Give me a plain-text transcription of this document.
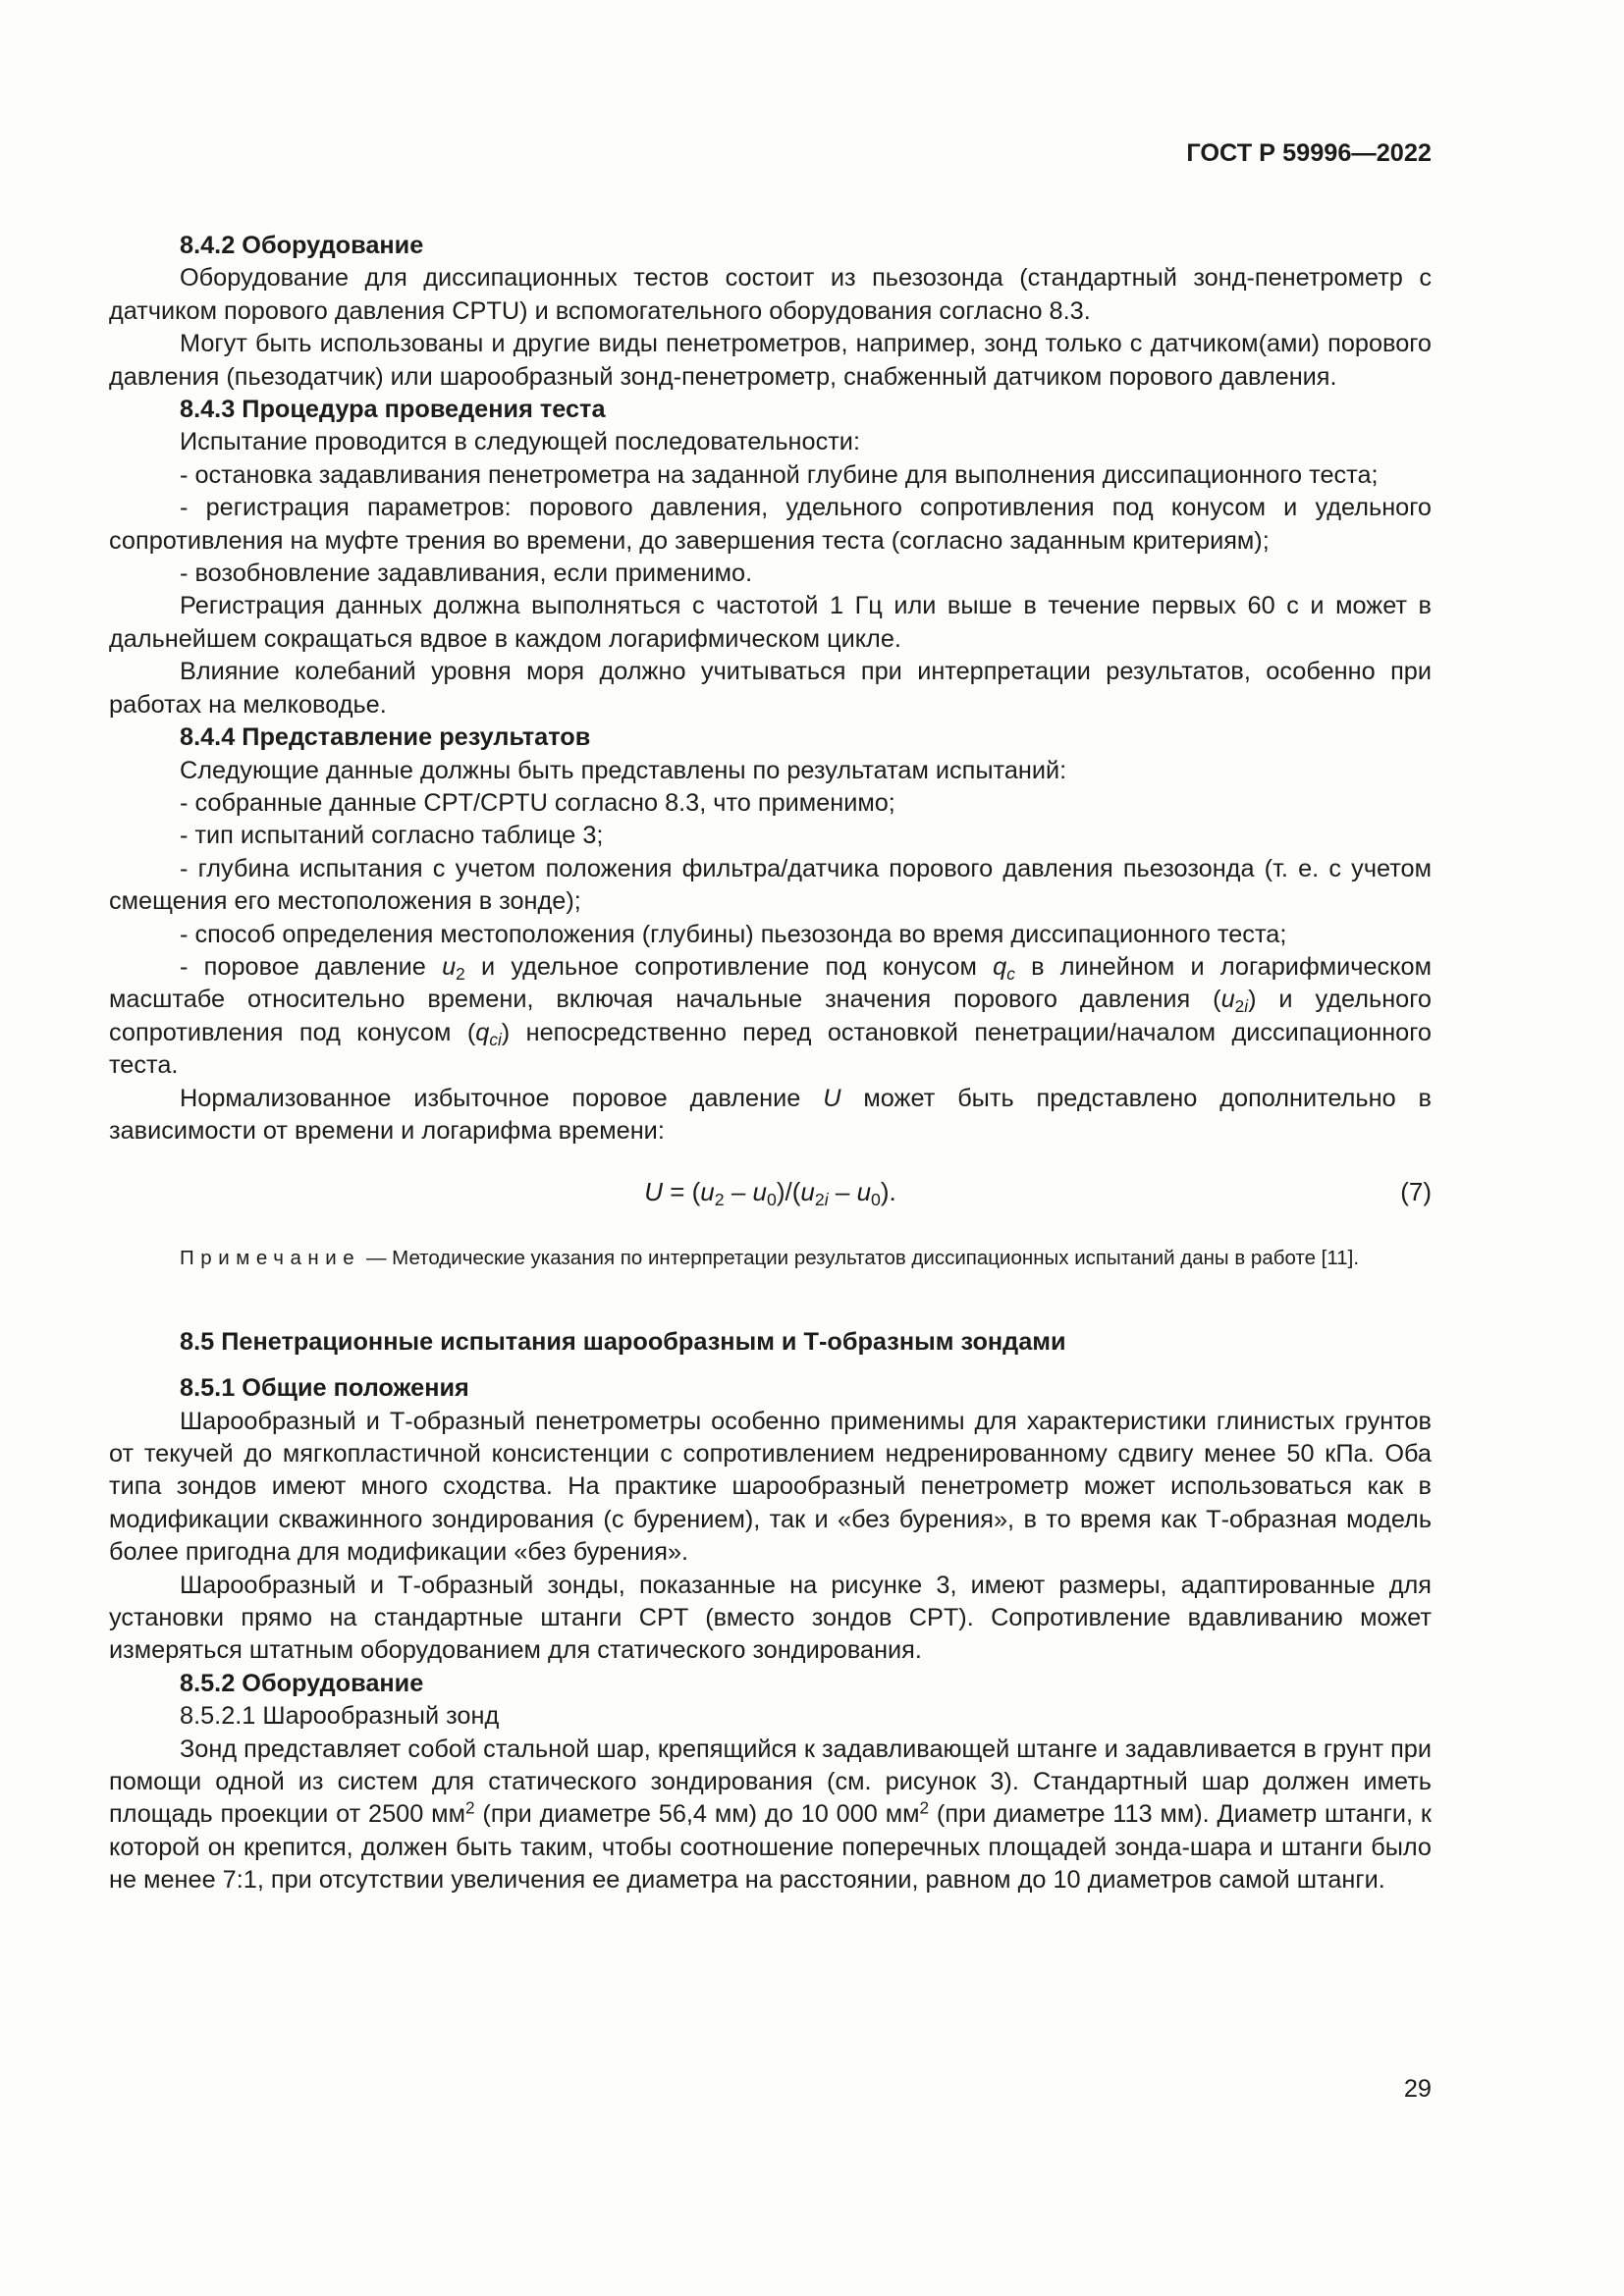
ГОСТ Р 59996—2022
8.4.2 Оборудование
Оборудование для диссипационных тестов состоит из пьезозонда (стандартный зонд-пенетрометр с датчиком порового давления CPTU) и вспомогательного оборудования согласно 8.3.
Могут быть использованы и другие виды пенетрометров, например, зонд только с датчиком(ами) порового давления (пьезодатчик) или шарообразный зонд-пенетрометр, снабженный датчиком порового давления.
8.4.3 Процедура проведения теста
Испытание проводится в следующей последовательности:
- остановка задавливания пенетрометра на заданной глубине для выполнения диссипационного теста;
- регистрация параметров: порового давления, удельного сопротивления под конусом и удельного сопротивления на муфте трения во времени, до завершения теста (согласно заданным критериям);
- возобновление задавливания, если применимо.
Регистрация данных должна выполняться с частотой 1 Гц или выше в течение первых 60 с и может в дальнейшем сокращаться вдвое в каждом логарифмическом цикле.
Влияние колебаний уровня моря должно учитываться при интерпретации результатов, особенно при работах на мелководье.
8.4.4 Представление результатов
Следующие данные должны быть представлены по результатам испытаний:
- собранные данные CPT/CPTU согласно 8.3, что применимо;
- тип испытаний согласно таблице 3;
- глубина испытания с учетом положения фильтра/датчика порового давления пьезозонда (т. е. с учетом смещения его местоположения в зонде);
- способ определения местоположения (глубины) пьезозонда во время диссипационного теста;
- поровое давление u2 и удельное сопротивление под конусом qc в линейном и логарифмическом масштабе относительно времени, включая начальные значения порового давления (u2i) и удельного сопротивления под конусом (qci) непосредственно перед остановкой пенетрации/началом диссипационного теста.
Нормализованное избыточное поровое давление U может быть представлено дополнительно в зависимости от времени и логарифма времени:
U = (u2 – u0)/(u2i – u0).	(7)
Примечание — Методические указания по интерпретации результатов диссипационных испытаний даны в работе [11].
8.5 Пенетрационные испытания шарообразным и Т-образным зондами
8.5.1 Общие положения
Шарообразный и Т-образный пенетрометры особенно применимы для характеристики глинистых грунтов от текучей до мягкопластичной консистенции с сопротивлением недренированному сдвигу менее 50 кПа. Оба типа зондов имеют много сходства. На практике шарообразный пенетрометр может использоваться как в модификации скважинного зондирования (с бурением), так и «без бурения», в то время как Т-образная модель более пригодна для модификации «без бурения».
Шарообразный и Т-образный зонды, показанные на рисунке 3, имеют размеры, адаптированные для установки прямо на стандартные штанги CPT (вместо зондов CPT). Сопротивление вдавливанию может измеряться штатным оборудованием для статического зондирования.
8.5.2 Оборудование
8.5.2.1 Шарообразный зонд
Зонд представляет собой стальной шар, крепящийся к задавливающей штанге и задавливается в грунт при помощи одной из систем для статического зондирования (см. рисунок 3). Стандартный шар должен иметь площадь проекции от 2500 $мм^2$ (при диаметре 56,4 мм) до 10 000 $мм^2$ (при диаметре 113 мм). Диаметр штанги, к которой он крепится, должен быть таким, чтобы соотношение поперечных площадей зонда-шара и штанги было не менее 7:1, при отсутствии увеличения ее диаметра на расстоянии, равном до 10 диаметров самой штанги.
29
